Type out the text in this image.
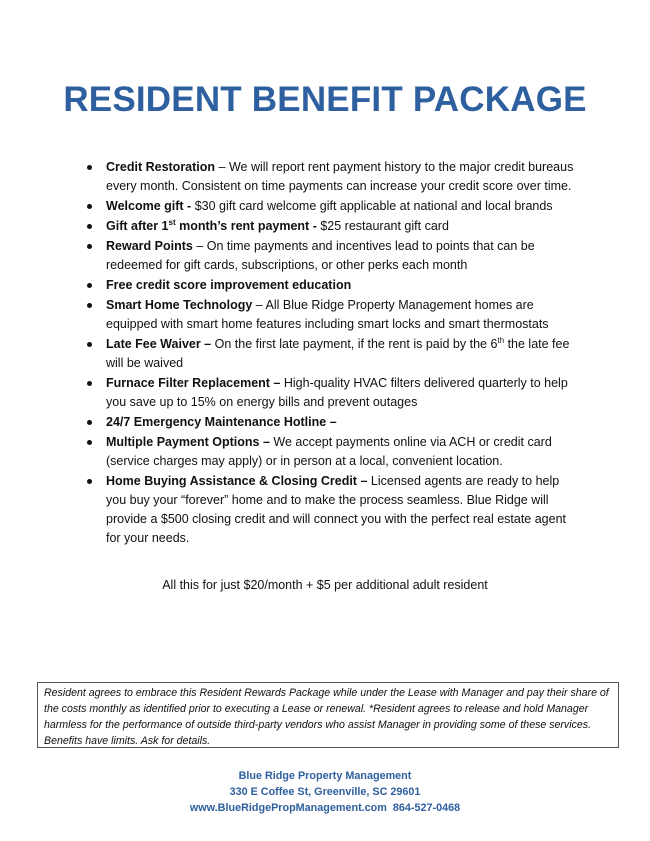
RESIDENT BENEFIT PACKAGE
Credit Restoration – We will report rent payment history to the major credit bureaus every month. Consistent on time payments can increase your credit score over time.
Welcome gift - $30 gift card welcome gift applicable at national and local brands
Gift after 1st month’s rent payment - $25 restaurant gift card
Reward Points – On time payments and incentives lead to points that can be redeemed for gift cards, subscriptions, or other perks each month
Free credit score improvement education
Smart Home Technology – All Blue Ridge Property Management homes are equipped with smart home features including smart locks and smart thermostats
Late Fee Waiver – On the first late payment, if the rent is paid by the 6th the late fee will be waived
Furnace Filter Replacement – High-quality HVAC filters delivered quarterly to help you save up to 15% on energy bills and prevent outages
24/7 Emergency Maintenance Hotline –
Multiple Payment Options – We accept payments online via ACH or credit card (service charges may apply) or in person at a local, convenient location.
Home Buying Assistance & Closing Credit – Licensed agents are ready to help you buy your “forever” home and to make the process seamless. Blue Ridge will provide a $500 closing credit and will connect you with the perfect real estate agent for your needs.
All this for just $20/month + $5 per additional adult resident
Resident agrees to embrace this Resident Rewards Package while under the Lease with Manager and pay their share of the costs monthly as identified prior to executing a Lease or renewal. *Resident agrees to release and hold Manager harmless for the performance of outside third-party vendors who assist Manager in providing some of these services. Benefits have limits. Ask for details.
Blue Ridge Property Management
330 E Coffee St, Greenville, SC 29601
www.BlueRidgePropManagement.com  864-527-0468
